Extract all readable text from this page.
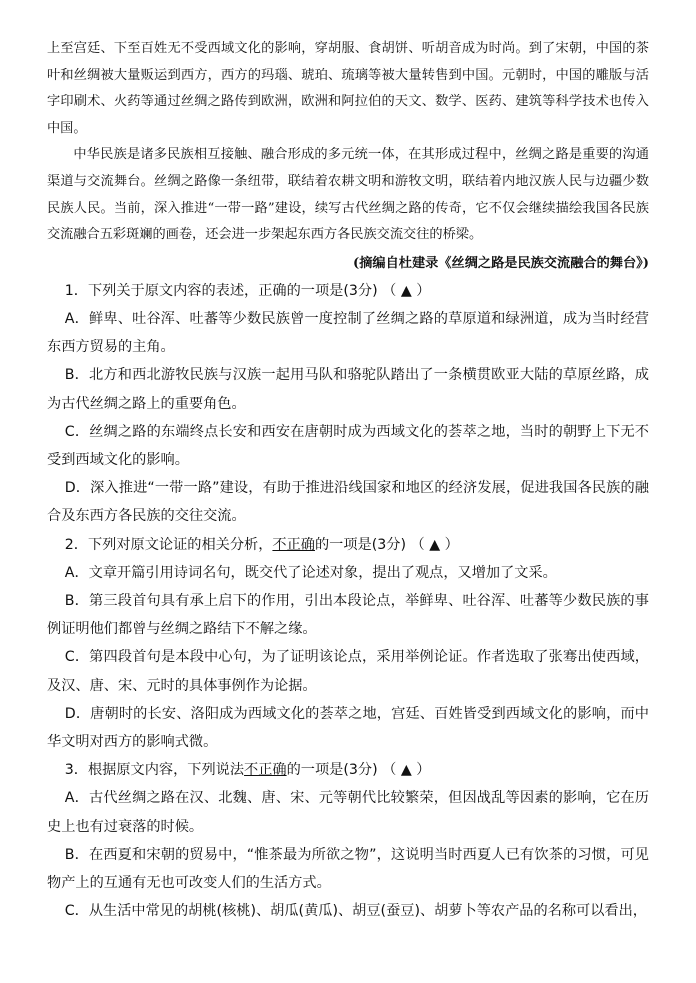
上至宫廷、下至百姓无不受西域文化的影响，穿胡服、食胡饼、听胡音成为时尚。到了宋朝，中国的茶叶和丝绸被大量贩运到西方，西方的玛瑙、琥珀、琉璃等被大量转售到中国。元朝时，中国的雕版与活字印刷术、火药等通过丝绸之路传到欧洲，欧洲和阿拉伯的天文、数学、医药、建筑等科学技术也传入中国。

中华民族是诸多民族相互接触、融合形成的多元统一体，在其形成过程中，丝绸之路是重要的沟通渠道与交流舞台。丝绸之路像一条纽带，联结着农耕文明和游牧文明，联结着内地汉族人民与边疆少数民族人民。当前，深入推进“一带一路”建设，续写古代丝绸之路的传奇，它不仅会继续描绘我国各民族交流融合五彩斑斓的画卷，还会进一步架起东西方各民族交流交往的桥梁。

(摘编自杜建录《丝绸之路是民族交流融合的舞台》)

1．下列关于原文内容的表述，正确的一项是(3分) （ ▲ ）

A．鲜卑、吐谷浑、吐蕃等少数民族曾一度控制了丝绸之路的草原道和绿洲道，成为当时经营东西方贸易的主角。

B．北方和西北游牧民族与汉族一起用马队和骆驼队踏出了一条横贯欧亚大陆的草原丝路，成为古代丝绸之路上的重要角色。

C．丝绸之路的东端终点长安和西安在唐朝时成为西域文化的荟萃之地，当时的朝野上下无不受到西域文化的影响。

D．深入推进“一带一路”建设，有助于推进沿线国家和地区的经济发展，促进我国各民族的融合及东西方各民族的交往交流。

2．下列对原文论证的相关分析，不正确的一项是(3分) （ ▲ ）

A．文章开篇引用诗词名句，既交代了论述对象，提出了观点，又增加了文采。

B．第三段首句具有承上启下的作用，引出本段论点，举鲜卑、吐谷浑、吐蕃等少数民族的事例证明他们都曾与丝绸之路结下不解之缘。

C．第四段首句是本段中心句，为了证明该论点，采用举例论证。作者选取了张骞出使西域，及汉、唐、宋、元时的具体事例作为论据。

D．唐朝时的长安、洛阳成为西域文化的荟萃之地，宫廷、百姓皆受到西域文化的影响，而中华文明对西方的影响式微。

3．根据原文内容，下列说法不正确的一项是(3分) （ ▲ ）

A．古代丝绸之路在汉、北魏、唐、宋、元等朝代比较繁荣，但因战乱等因素的影响，它在历史上也有过衰落的时候。

B．在西夏和宋朝的贸易中，“惟茶最为所欲之物”，这说明当时西夏人已有饮茶的习惯，可见物产上的互通有无也可改变人们的生活方式。

C．从生活中常见的胡桃(核桃)、胡瓜(黄瓜)、胡豆(蚕豆)、胡萝卜等农产品的名称可以看出，
